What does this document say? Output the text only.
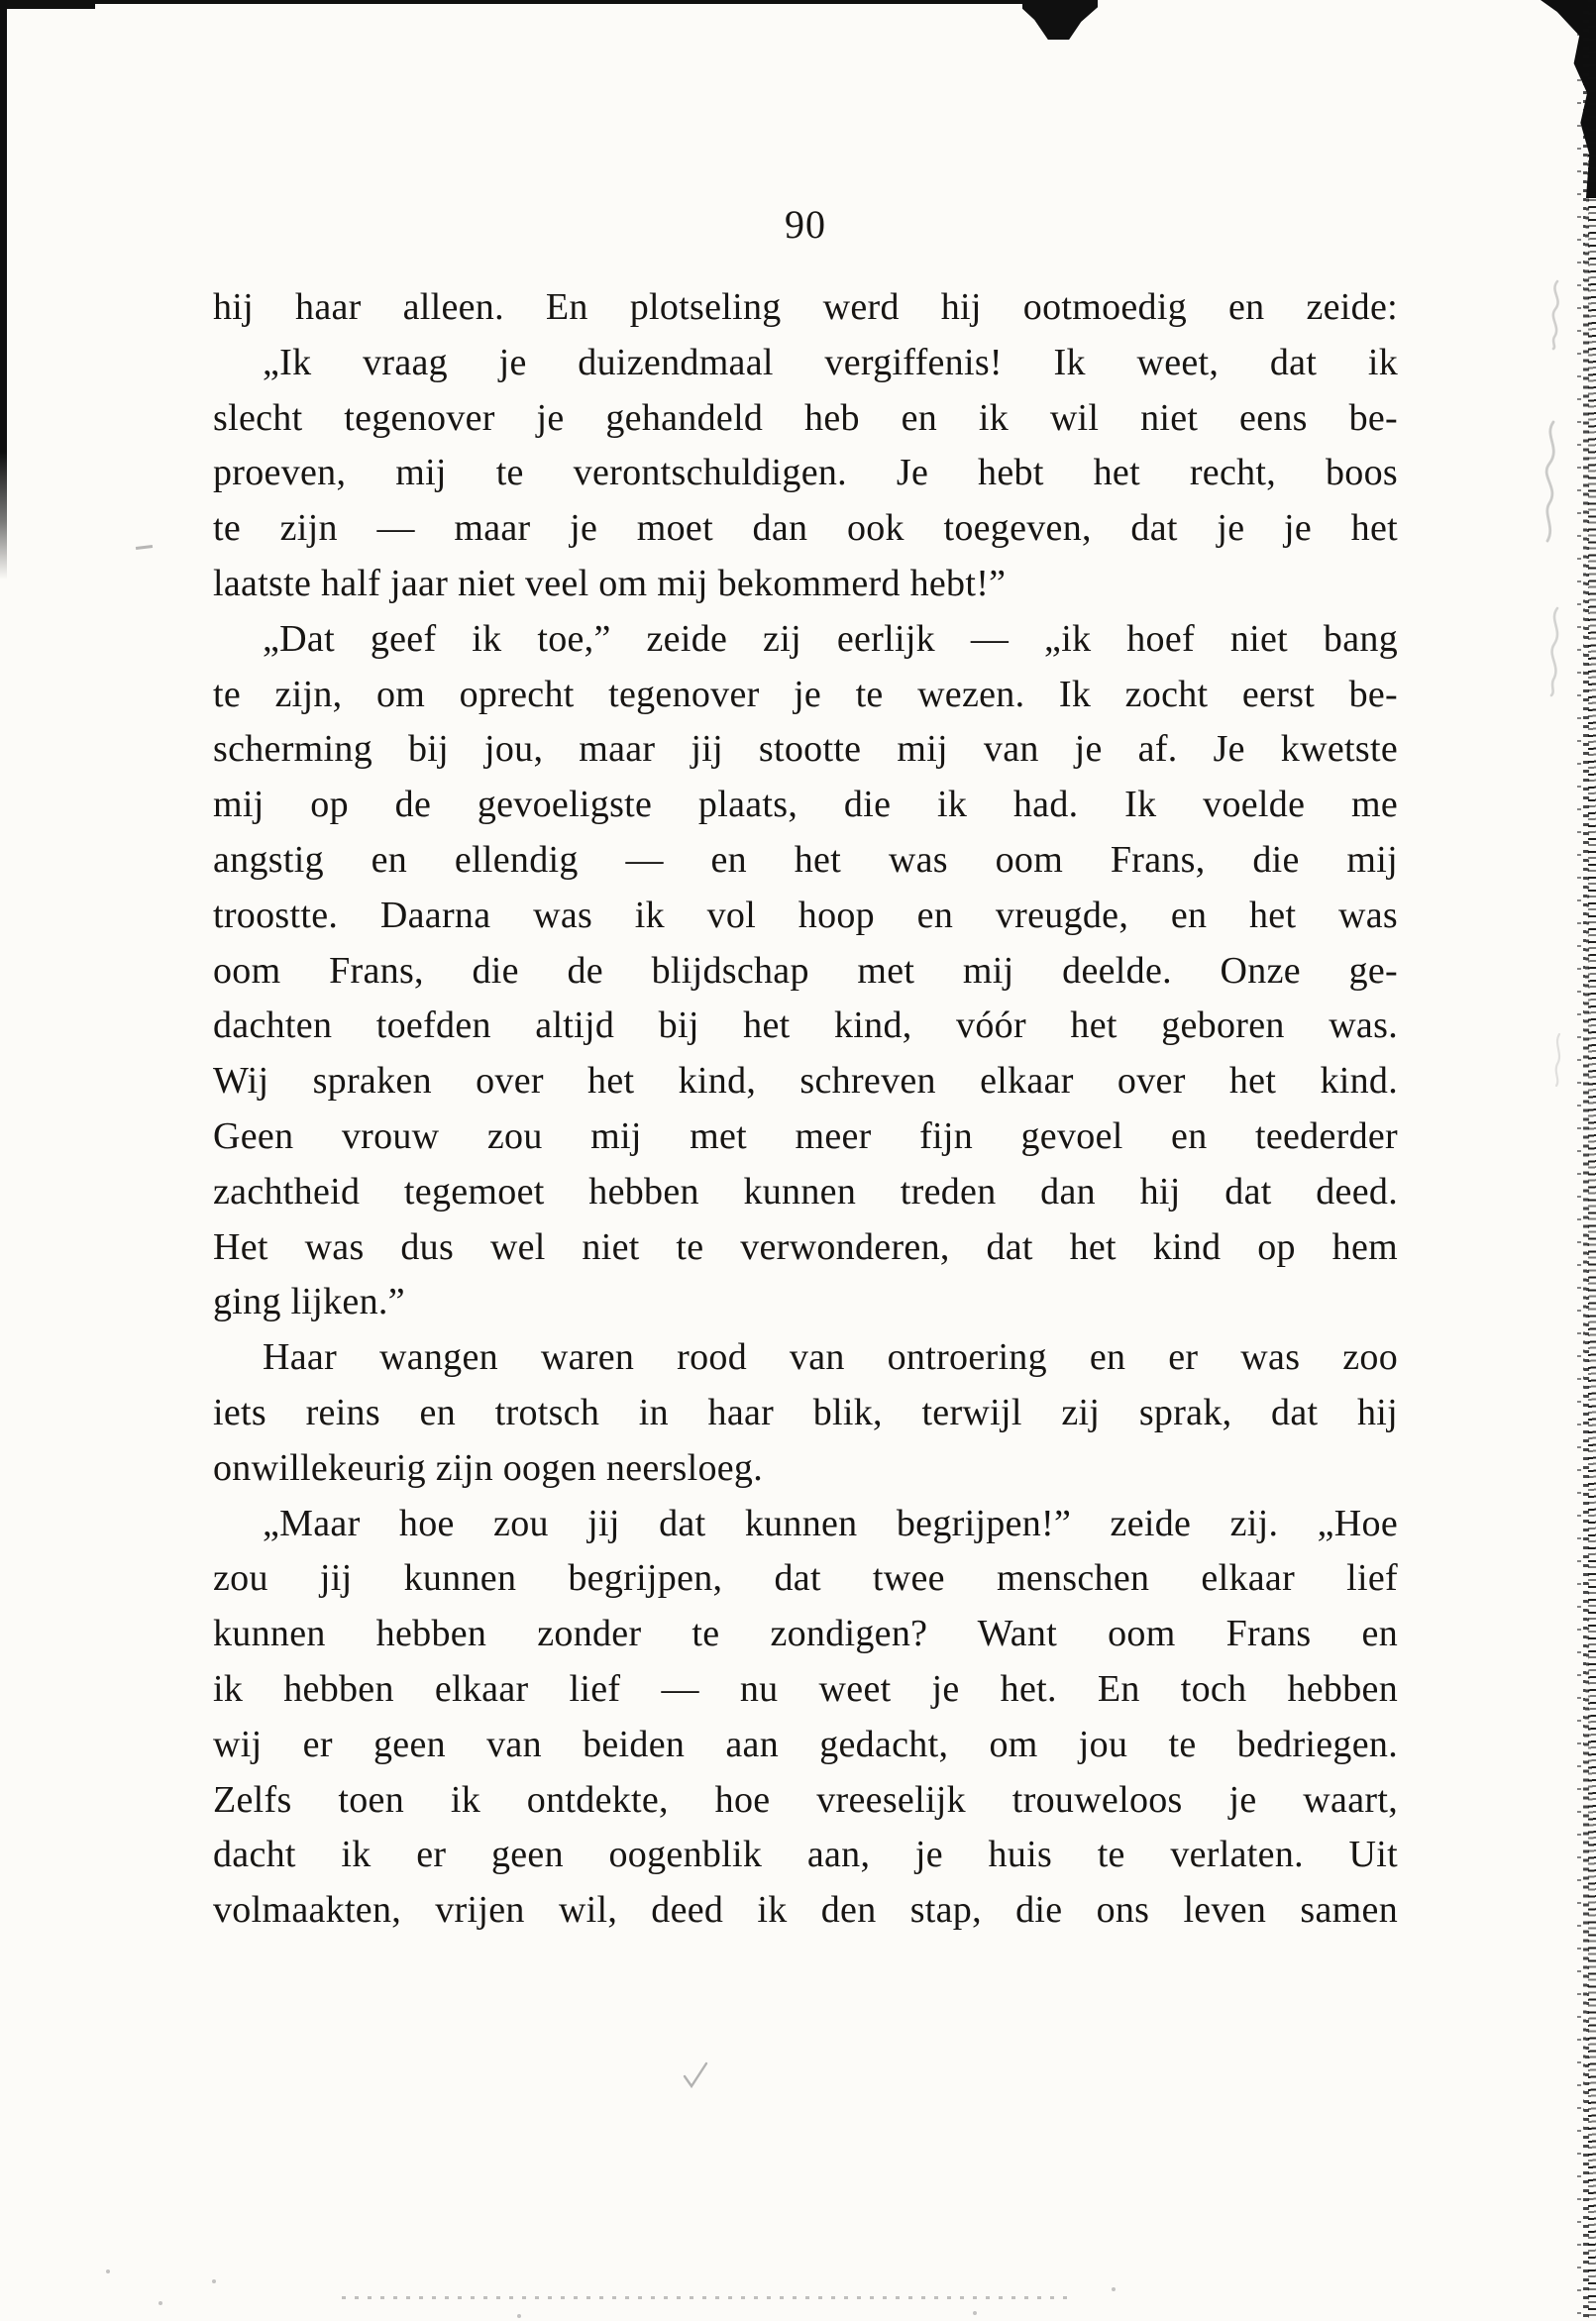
90
hij haar alleen. En plotseling werd hij ootmoedig en zeide:
„Ik vraag je duizendmaal vergiffenis! Ik weet, dat ik
slecht tegenover je gehandeld heb en ik wil niet eens be-
proeven, mij te verontschuldigen. Je hebt het recht, boos
te zijn — maar je moet dan ook toegeven, dat je je het
laatste half jaar niet veel om mij bekommerd hebt!”
„Dat geef ik toe,” zeide zij eerlijk — „ik hoef niet bang
te zijn, om oprecht tegenover je te wezen. Ik zocht eerst be-
scherming bij jou, maar jij stootte mij van je af. Je kwetste
mij op de gevoeligste plaats, die ik had. Ik voelde me
angstig en ellendig — en het was oom Frans, die mij
troostte. Daarna was ik vol hoop en vreugde, en het was
oom Frans, die de blijdschap met mij deelde. Onze ge-
dachten toefden altijd bij het kind, vóór het geboren was.
Wij spraken over het kind, schreven elkaar over het kind.
Geen vrouw zou mij met meer fijn gevoel en teederder
zachtheid tegemoet hebben kunnen treden dan hij dat deed.
Het was dus wel niet te verwonderen, dat het kind op hem
ging lijken.”
Haar wangen waren rood van ontroering en er was zoo
iets reins en trotsch in haar blik, terwijl zij sprak, dat hij
onwillekeurig zijn oogen neersloeg.
„Maar hoe zou jij dat kunnen begrijpen!” zeide zij. „Hoe
zou jij kunnen begrijpen, dat twee menschen elkaar lief
kunnen hebben zonder te zondigen? Want oom Frans en
ik hebben elkaar lief — nu weet je het. En toch hebben
wij er geen van beiden aan gedacht, om jou te bedriegen.
Zelfs toen ik ontdekte, hoe vreeselijk trouweloos je waart,
dacht ik er geen oogenblik aan, je huis te verlaten. Uit
volmaakten, vrijen wil, deed ik den stap, die ons leven samen
